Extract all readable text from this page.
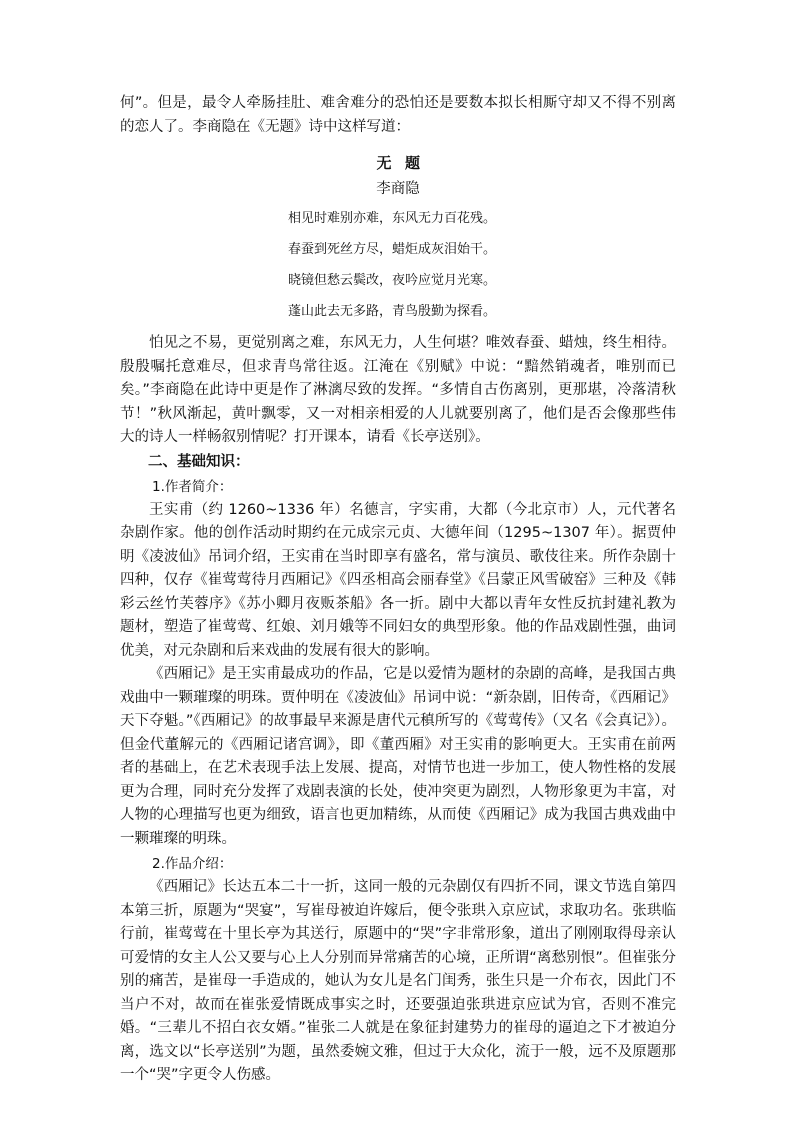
何”。但是，最令人牵肠挂肚、难舍难分的恐怕还是要数本拟长相厮守却又不得不别离的恋人了。李商隐在《无题》诗中这样写道：

无题
李商隐
相见时难别亦难，东风无力百花残。
春蚕到死丝方尽，蜡炬成灰泪始干。
晓镜但愁云鬓改，夜吟应觉月光寒。
蓬山此去无多路，青鸟殷勤为探看。

怕见之不易，更觉别离之难，东风无力，人生何堪？唯效春蚕、蜡烛，终生相待。殷殷嘱托意难尽，但求青鸟常往返。江淹在《别赋》中说：“黯然销魂者，唯别而已矣。”李商隐在此诗中更是作了淋漓尽致的发挥。“多情自古伤离别，更那堪，冷落清秋节！”秋风渐起，黄叶飘零，又一对相亲相爱的人儿就要别离了，他们是否会像那些伟大的诗人一样畅叙别情呢？打开课本，请看《长亭送别》。

二、基础知识：
1.作者简介：

王实甫（约 1260~1336 年）名德言，字实甫，大都（今北京市）人，元代著名杂剧作家。他的创作活动时期约在元成宗元贞、大德年间（1295~1307 年）。据贾仲明《凌波仙》吊词介绍，王实甫在当时即享有盛名，常与演员、歌伎往来。所作杂剧十四种，仅存《崔莺莺待月西厢记》《四丞相高会丽春堂》《吕蒙正风雪破窑》三种及《韩彩云丝竹芙蓉序》《苏小卿月夜贩茶船》各一折。剧中大都以青年女性反抗封建礼教为题材，塑造了崔莺莺、红娘、刘月娥等不同妇女的典型形象。他的作品戏剧性强，曲词优美，对元杂剧和后来戏曲的发展有很大的影响。

《西厢记》是王实甫最成功的作品，它是以爱情为题材的杂剧的高峰，是我国古典戏曲中一颗璀璨的明珠。贾仲明在《凌波仙》吊词中说：“新杂剧，旧传奇，《西厢记》天下夺魁。”《西厢记》的故事最早来源是唐代元稹所写的《莺莺传》（又名《会真记》）。但金代董解元的《西厢记诸宫调》，即《董西厢》对王实甫的影响更大。王实甫在前两者的基础上，在艺术表现手法上发展、提高，对情节也进一步加工，使人物性格的发展更为合理，同时充分发挥了戏剧表演的长处，使冲突更为剧烈，人物形象更为丰富，对人物的心理描写也更为细致，语言也更加精练，从而使《西厢记》成为我国古典戏曲中一颗璀璨的明珠。

2.作品介绍：

《西厢记》长达五本二十一折，这同一般的元杂剧仅有四折不同，课文节选自第四本第三折，原题为“哭宴”，写崔母被迫许嫁后，便令张珙入京应试，求取功名。张珙临行前，崔莺莺在十里长亭为其送行，原题中的“哭”字非常形象，道出了刚刚取得母亲认可爱情的女主人公又要与心上人分别而异常痛苦的心境，正所谓“离愁别恨”。但崔张分别的痛苦，是崔母一手造成的，她认为女儿是名门闺秀，张生只是一介布衣，因此门不当户不对，故而在崔张爱情既成事实之时，还要强迫张珙进京应试为官，否则不准完婚。“三辈儿不招白衣女婿。”崔张二人就是在象征封建势力的崔母的逼迫之下才被迫分离，选文以“长亭送别”为题，虽然委婉文雅，但过于大众化，流于一般，远不及原题那一个“哭”字更令人伤感。
